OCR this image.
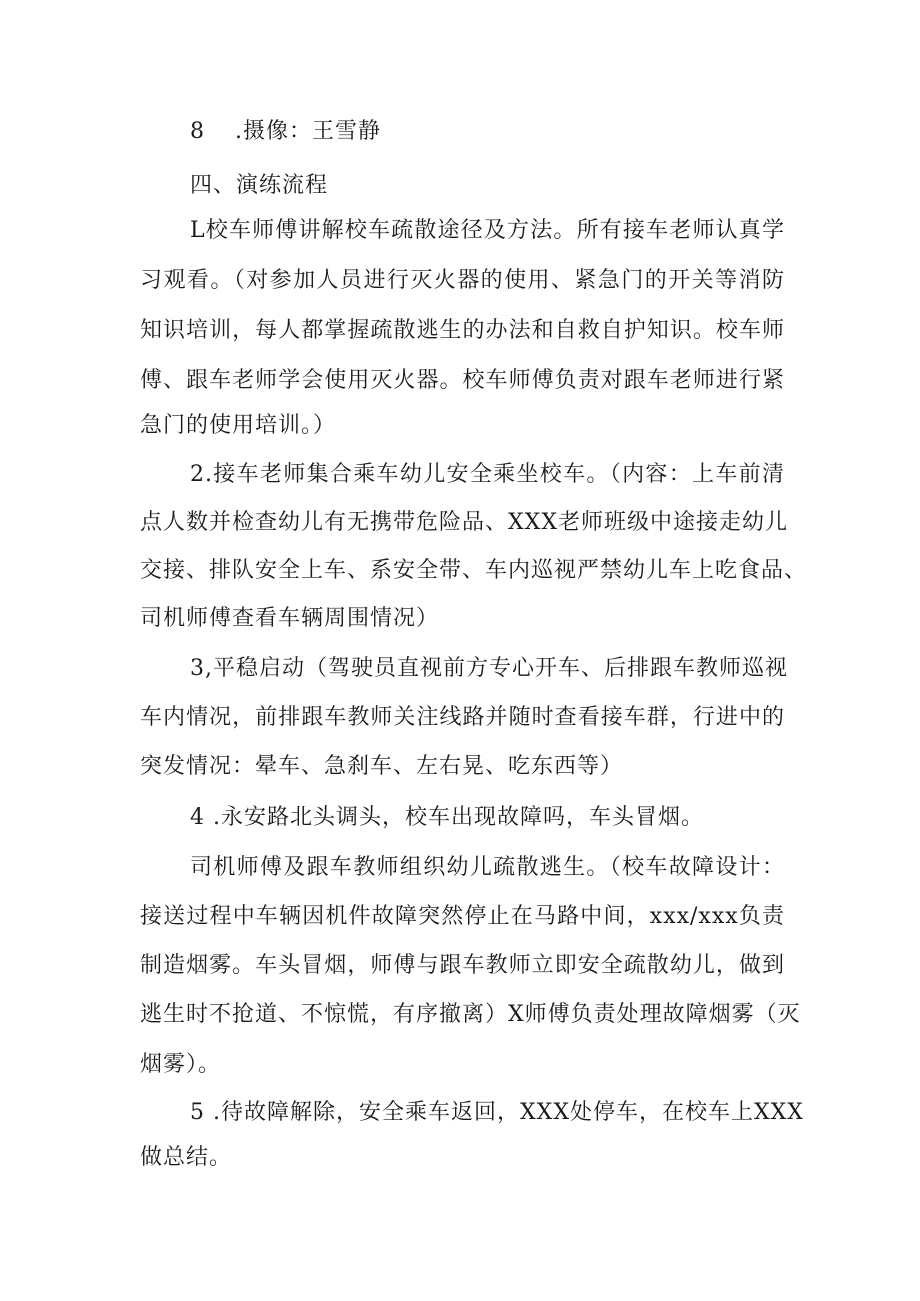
8 .摄像：王雪静
四、演练流程
L校车师傅讲解校车疏散途径及方法。所有接车老师认真学
习观看。（对参加人员进行灭火器的使用、紧急门的开关等消防
知识培训，每人都掌握疏散逃生的办法和自救自护知识。校车师
傅、跟车老师学会使用灭火器。校车师傅负责对跟车老师进行紧
急门的使用培训。）
2.接车老师集合乘车幼儿安全乘坐校车。（内容：上车前清
点人数并检查幼儿有无携带危险品、XXX老师班级中途接走幼儿
交接、排队安全上车、系安全带、车内巡视严禁幼儿车上吃食品、
司机师傅查看车辆周围情况）
3,平稳启动（驾驶员直视前方专心开车、后排跟车教师巡视
车内情况，前排跟车教师关注线路并随时查看接车群，行进中的
突发情况：晕车、急刹车、左右晃、吃东西等）
4 .永安路北头调头，校车出现故障吗，车头冒烟。
司机师傅及跟车教师组织幼儿疏散逃生。（校车故障设计：
接送过程中车辆因机件故障突然停止在马路中间，xxx/xxx负责
制造烟雾。车头冒烟，师傅与跟车教师立即安全疏散幼儿，做到
逃生时不抢道、不惊慌，有序撤离）X师傅负责处理故障烟雾（灭
烟雾）。
5 .待故障解除，安全乘车返回，XXX处停车，在校车上XXX
做总结。
